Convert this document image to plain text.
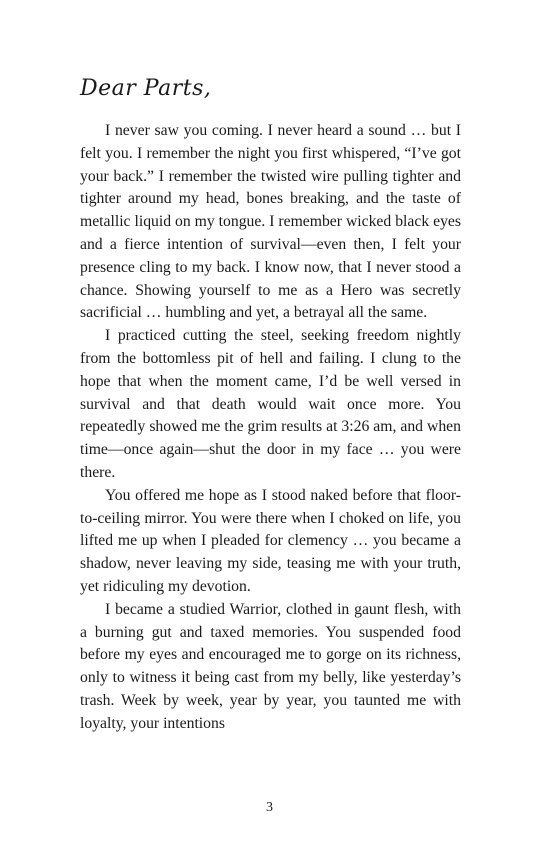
Dear Parts,

I never saw you coming. I never heard a sound … but I felt you. I remember the night you first whispered, “I’ve got your back.” I remember the twisted wire pulling tighter and tighter around my head, bones breaking, and the taste of metallic liquid on my tongue. I remember wicked black eyes and a fierce intention of survival—even then, I felt your presence cling to my back. I know now, that I never stood a chance. Showing yourself to me as a Hero was secretly sacrificial … humbling and yet, a betrayal all the same.

I practiced cutting the steel, seeking freedom nightly from the bottomless pit of hell and failing. I clung to the hope that when the moment came, I’d be well versed in survival and that death would wait once more. You repeatedly showed me the grim results at 3:26 am, and when time—once again—shut the door in my face … you were there.

You offered me hope as I stood naked before that floor-to-ceiling mirror. You were there when I choked on life, you lifted me up when I pleaded for clemency … you became a shadow, never leaving my side, teasing me with your truth, yet ridiculing my devotion.

I became a studied Warrior, clothed in gaunt flesh, with a burning gut and taxed memories. You suspended food before my eyes and encouraged me to gorge on its richness, only to witness it being cast from my belly, like yesterday’s trash. Week by week, year by year, you taunted me with loyalty, your intentions

3
